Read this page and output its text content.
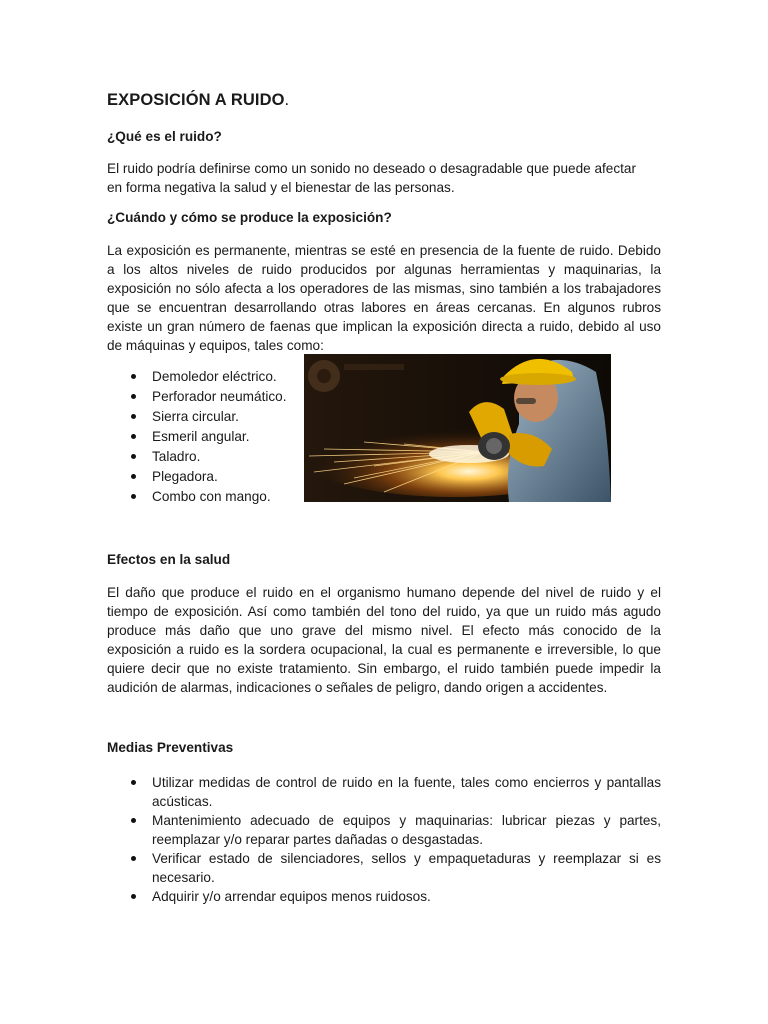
EXPOSICIÓN A RUIDO.
¿Qué es el ruido?

El ruido podría definirse como un sonido no deseado o desagradable que puede afectar
en forma negativa la salud y el bienestar de las personas.

¿Cuándo y cómo se produce la exposición?

La exposición es permanente, mientras se esté en presencia de la fuente de ruido. Debido
a los altos niveles de ruido producidos por algunas herramientas y maquinarias, la
exposición no sólo afecta a los operadores de las mismas, sino también a los trabajadores
que se encuentran desarrollando otras labores en áreas cercanas. En algunos rubros
existe un gran número de faenas que implican la exposición directa a ruido, debido al uso
de máquinas y equipos, tales como:

Demoledor eléctrico.
Perforador neumático.
Sierra circular.
Esmeril angular.
Taladro.
Plegadora.
Combo con mango.
Efectos en la salud

El daño que produce el ruido en el organismo humano depende del nivel de ruido y el
tiempo de exposición. Así como también del tono del ruido, ya que un ruido más agudo
produce más daño que uno grave del mismo nivel. El efecto más conocido de la
exposición a ruido es la sordera ocupacional, la cual es permanente e irreversible, lo que
quiere decir que no existe tratamiento. Sin embargo, el ruido también puede impedir la
audición de alarmas, indicaciones o señales de peligro, dando origen a accidentes.

Medias Preventivas
Utilizar medidas de control de ruido en la fuente, tales como encierros y pantallas
acústicas.
Mantenimiento adecuado de equipos y maquinarias: lubricar piezas y partes,
reemplazar y/o reparar partes dañadas o desgastadas.
Verificar estado de silenciadores, sellos y empaquetaduras y reemplazar si es
necesario.
Adquirir y/o arrendar equipos menos ruidosos.
